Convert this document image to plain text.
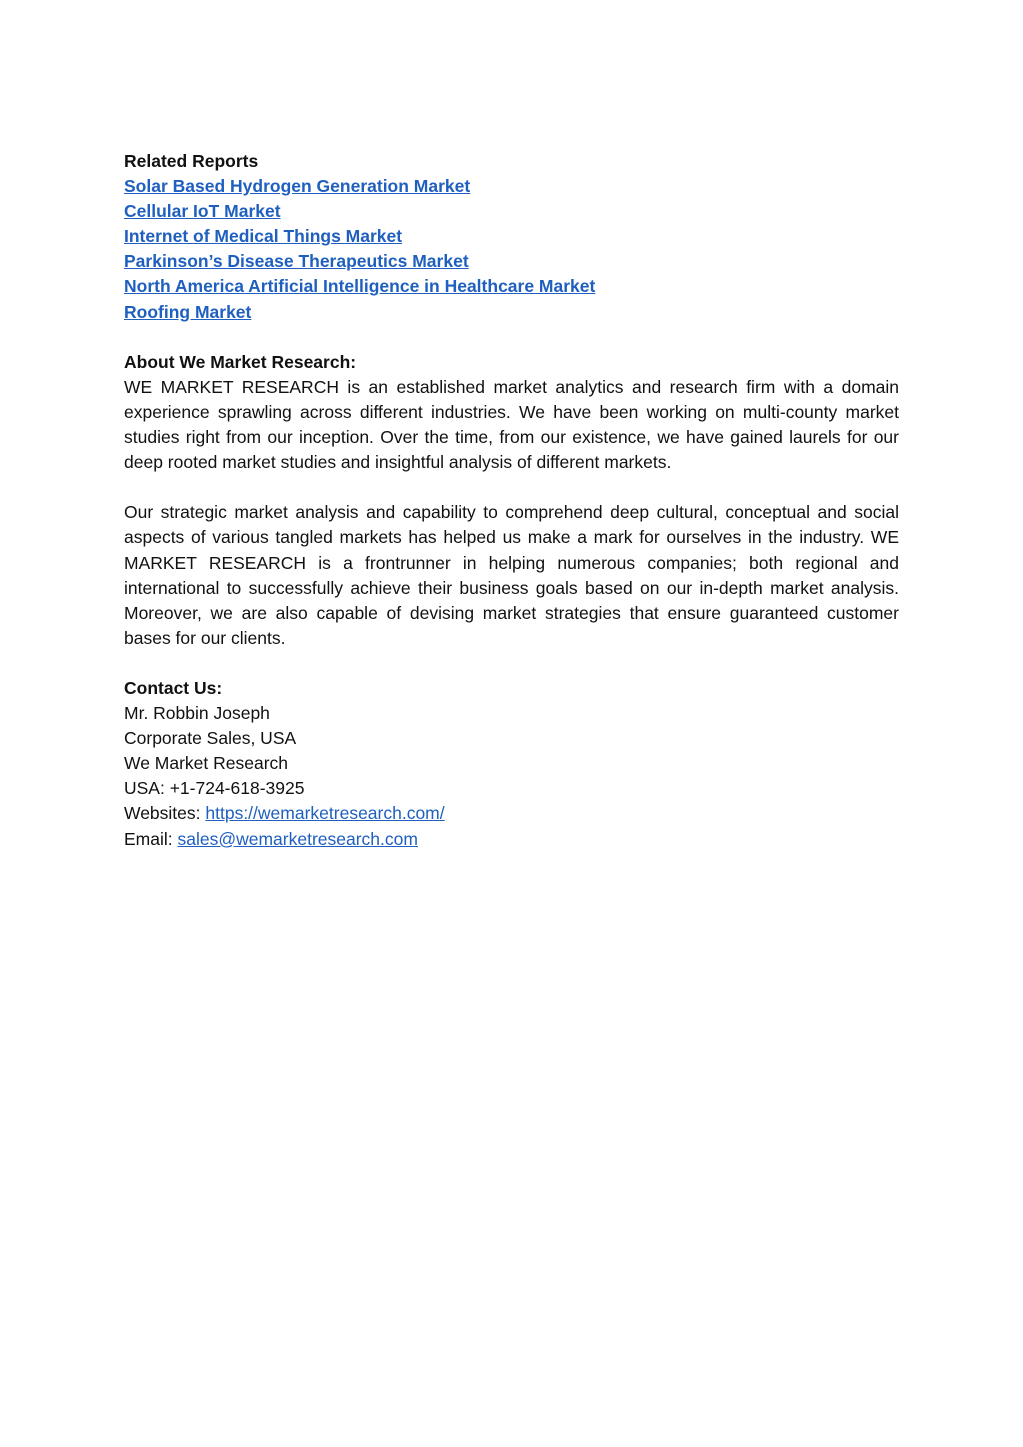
Related Reports
Solar Based Hydrogen Generation Market
Cellular IoT Market
Internet of Medical Things Market
Parkinson’s Disease Therapeutics Market
North America Artificial Intelligence in Healthcare Market
Roofing Market
About We Market Research:

WE MARKET RESEARCH is an established market analytics and research firm with a domain experience sprawling across different industries. We have been working on multi-county market studies right from our inception. Over the time, from our existence, we have gained laurels for our deep rooted market studies and insightful analysis of different markets.

Our strategic market analysis and capability to comprehend deep cultural, conceptual and social aspects of various tangled markets has helped us make a mark for ourselves in the industry. WE MARKET RESEARCH is a frontrunner in helping numerous companies; both regional and international to successfully achieve their business goals based on our in-depth market analysis. Moreover, we are also capable of devising market strategies that ensure guaranteed customer bases for our clients.

Contact Us:
Mr. Robbin Joseph
Corporate Sales, USA
We Market Research
USA: +1-724-618-3925
Websites: https://wemarketresearch.com/
Email: sales@wemarketresearch.com
